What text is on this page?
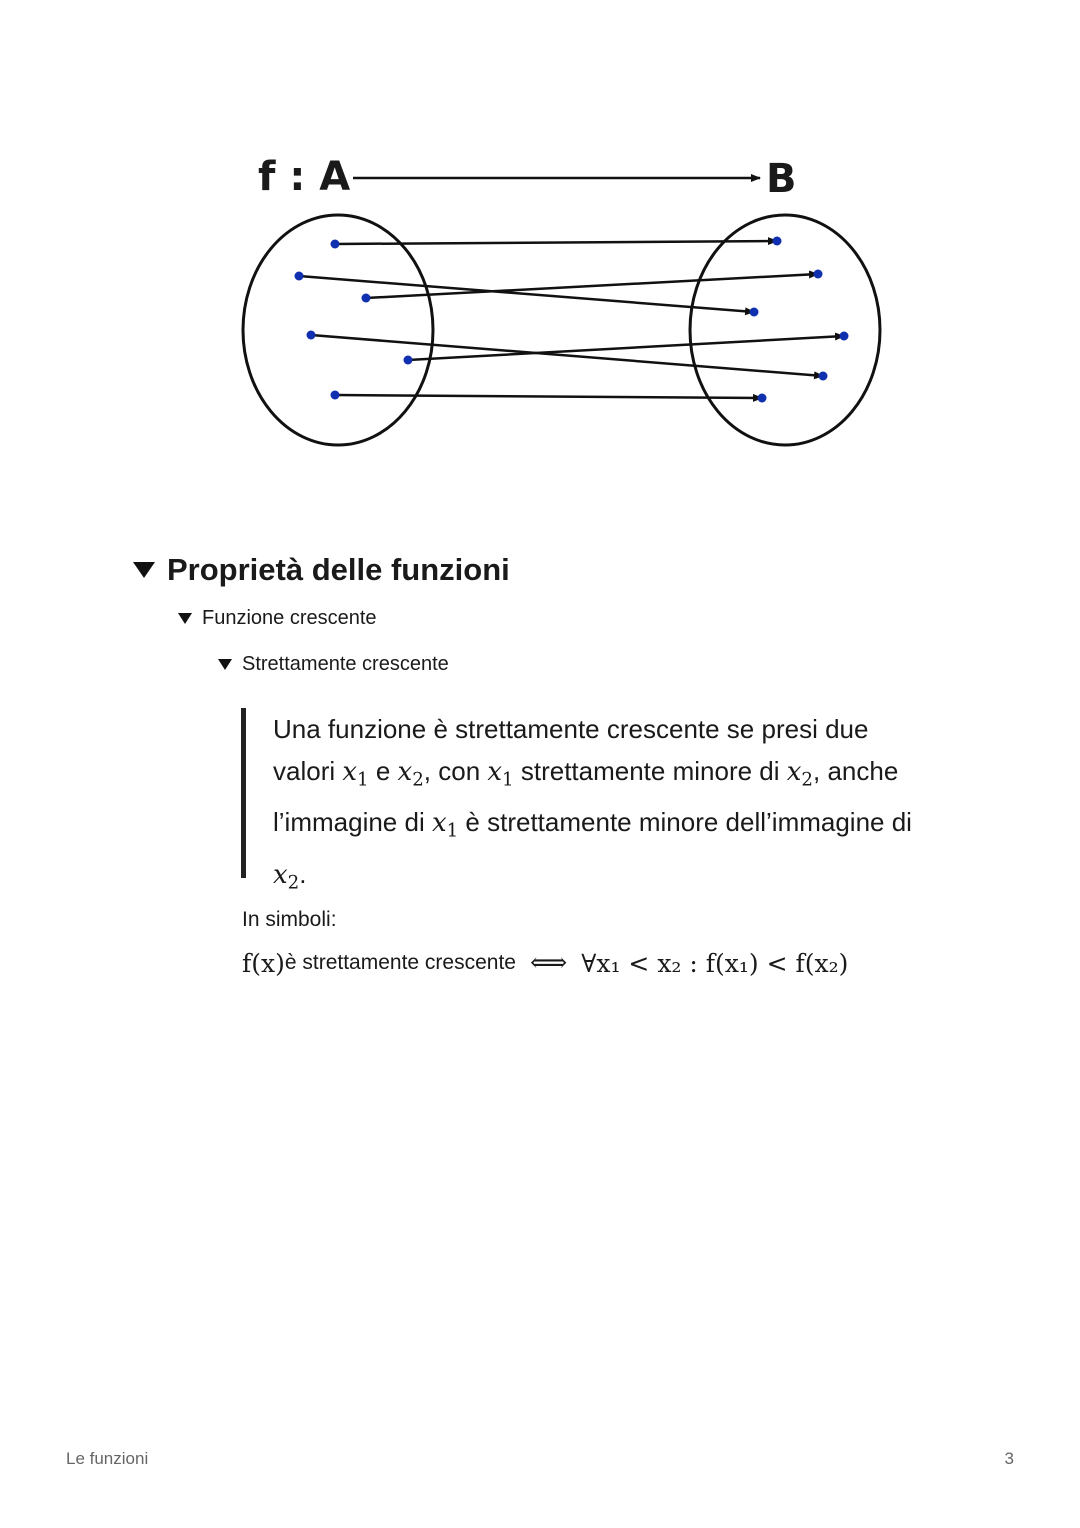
f : A	B
Proprietà delle funzioni
Funzione crescente
Strettamente crescente
Una funzione è strettamente crescente se presi due valori $x_1$ e $x_2$, con $x_1$ strettamente minore di $x_2$, anche l’immagine di $x_1$ è strettamente minore dell’immagine di $x_2$.
In simboli:
f(x) è strettamente crescente ⟺ ∀x₁ < x₂ : f(x₁) < f(x₂)
Le funzioni	3
